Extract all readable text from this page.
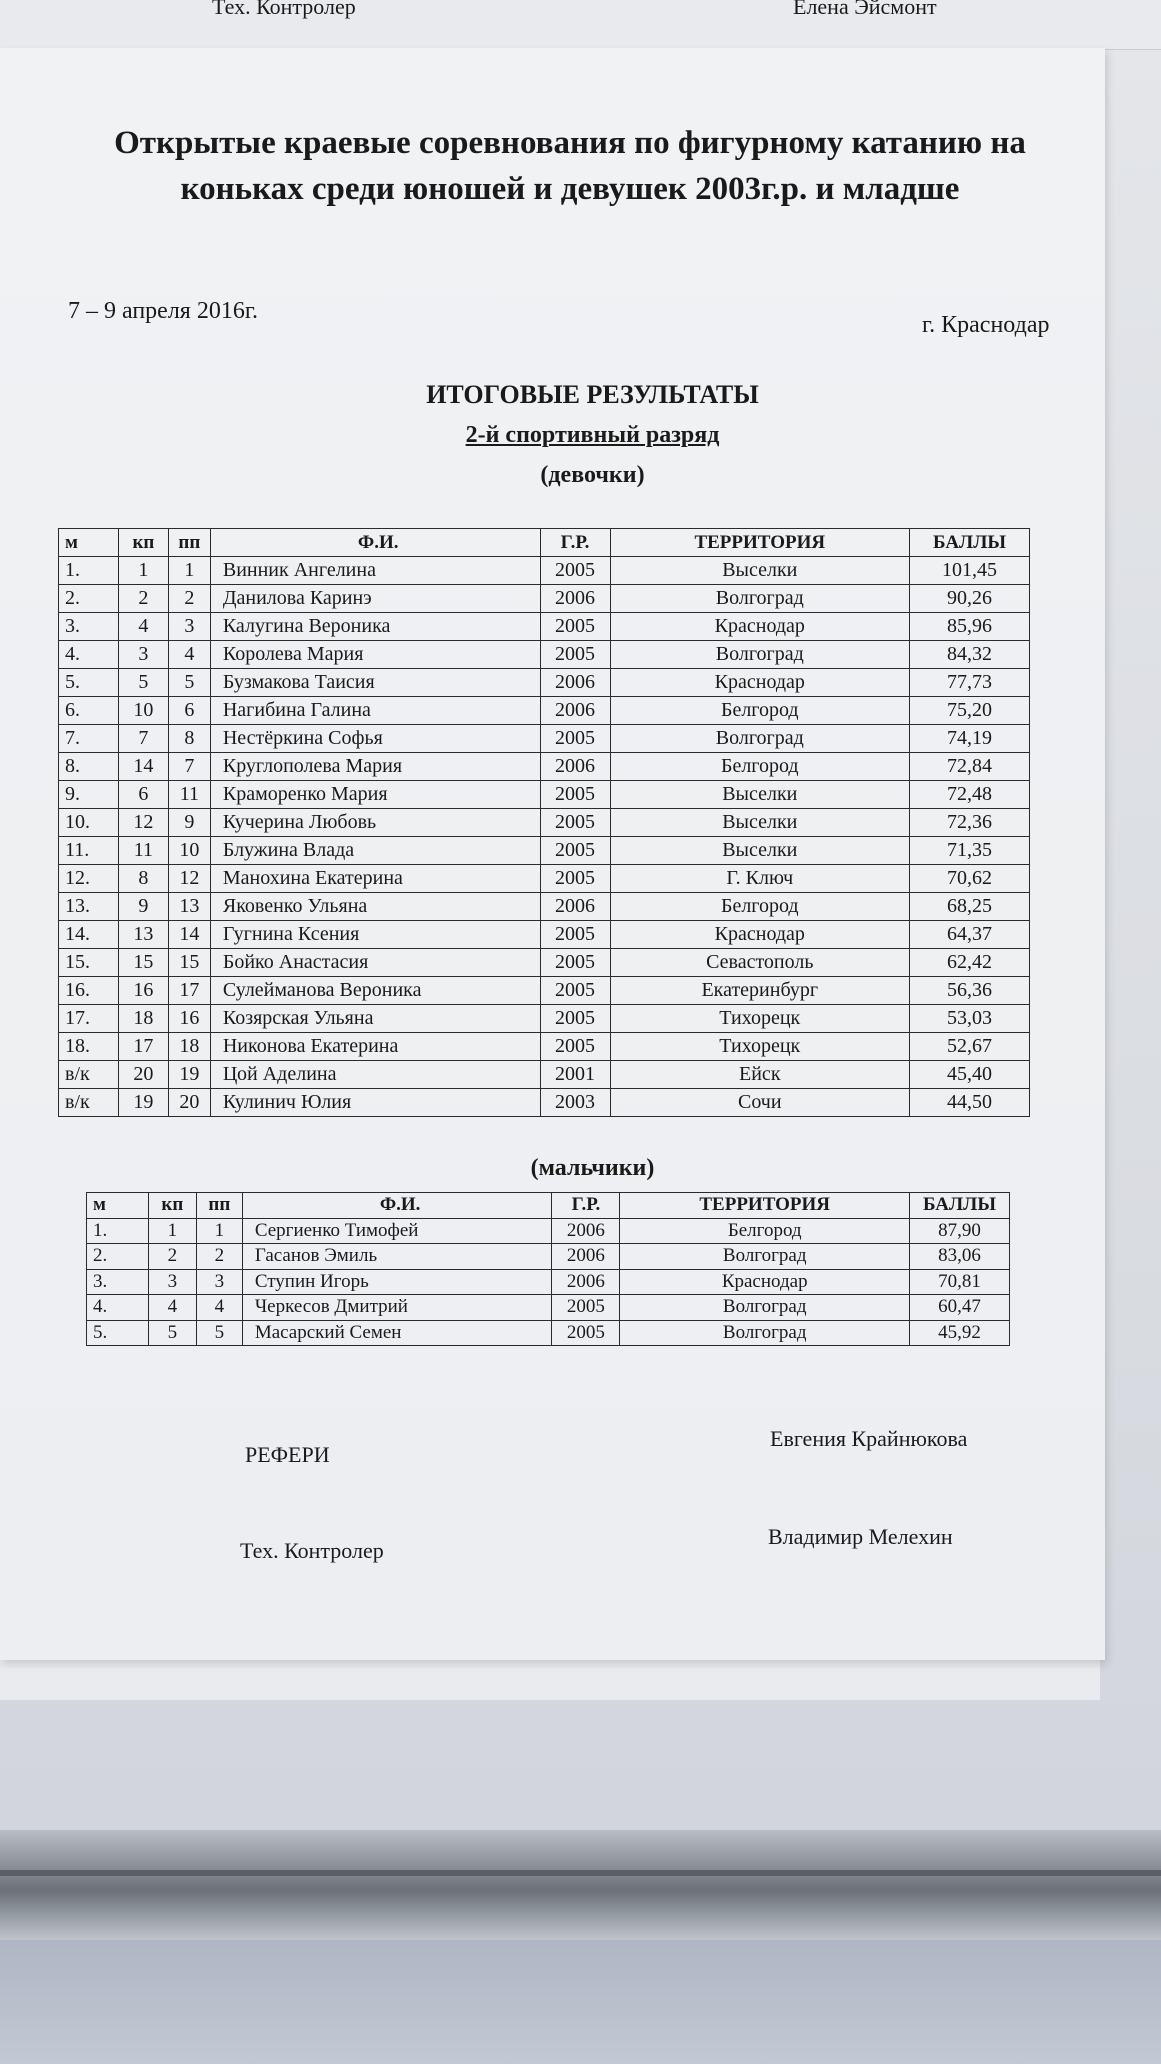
Тех. Контролер	Елена Эйсмонт
Открытые краевые соревнования по фигурному катанию на
коньках среди юношей и девушек 2003г.р. и младше
7 – 9 апреля 2016г.
г. Краснодар
ИТОГОВЫЕ РЕЗУЛЬТАТЫ
2-й спортивный разряд
(девочки)
м	кп	пп	Ф.И.	Г.Р.	ТЕРРИТОРИЯ	БАЛЛЫ
1.	1	1	Винник Ангелина	2005	Выселки	101,45
2.	2	2	Данилова Каринэ	2006	Волгоград	90,26
3.	4	3	Калугина Вероника	2005	Краснодар	85,96
4.	3	4	Королева Мария	2005	Волгоград	84,32
5.	5	5	Бузмакова Таисия	2006	Краснодар	77,73
6.	10	6	Нагибина Галина	2006	Белгород	75,20
7.	7	8	Нестёркина Софья	2005	Волгоград	74,19
8.	14	7	Круглополева Мария	2006	Белгород	72,84
9.	6	11	Краморенко Мария	2005	Выселки	72,48
10.	12	9	Кучерина Любовь	2005	Выселки	72,36
11.	11	10	Блужина Влада	2005	Выселки	71,35
12.	8	12	Манохина Екатерина	2005	Г. Ключ	70,62
13.	9	13	Яковенко Ульяна	2006	Белгород	68,25
14.	13	14	Гугнина Ксения	2005	Краснодар	64,37
15.	15	15	Бойко Анастасия	2005	Севастополь	62,42
16.	16	17	Сулейманова Вероника	2005	Екатеринбург	56,36
17.	18	16	Козярская Ульяна	2005	Тихорецк	53,03
18.	17	18	Никонова Екатерина	2005	Тихорецк	52,67
в/к	20	19	Цой Аделина	2001	Ейск	45,40
в/к	19	20	Кулинич Юлия	2003	Сочи	44,50
(мальчики)
м	кп	пп	Ф.И.	Г.Р.	ТЕРРИТОРИЯ	БАЛЛЫ
1.	1	1	Сергиенко Тимофей	2006	Белгород	87,90
2.	2	2	Гасанов Эмиль	2006	Волгоград	83,06
3.	3	3	Ступин Игорь	2006	Краснодар	70,81
4.	4	4	Черкесов Дмитрий	2005	Волгоград	60,47
5.	5	5	Масарский Семен	2005	Волгоград	45,92
РЕФЕРИ
Евгения Крайнюкова
Тех. Контролер
Владимир Мелехин
